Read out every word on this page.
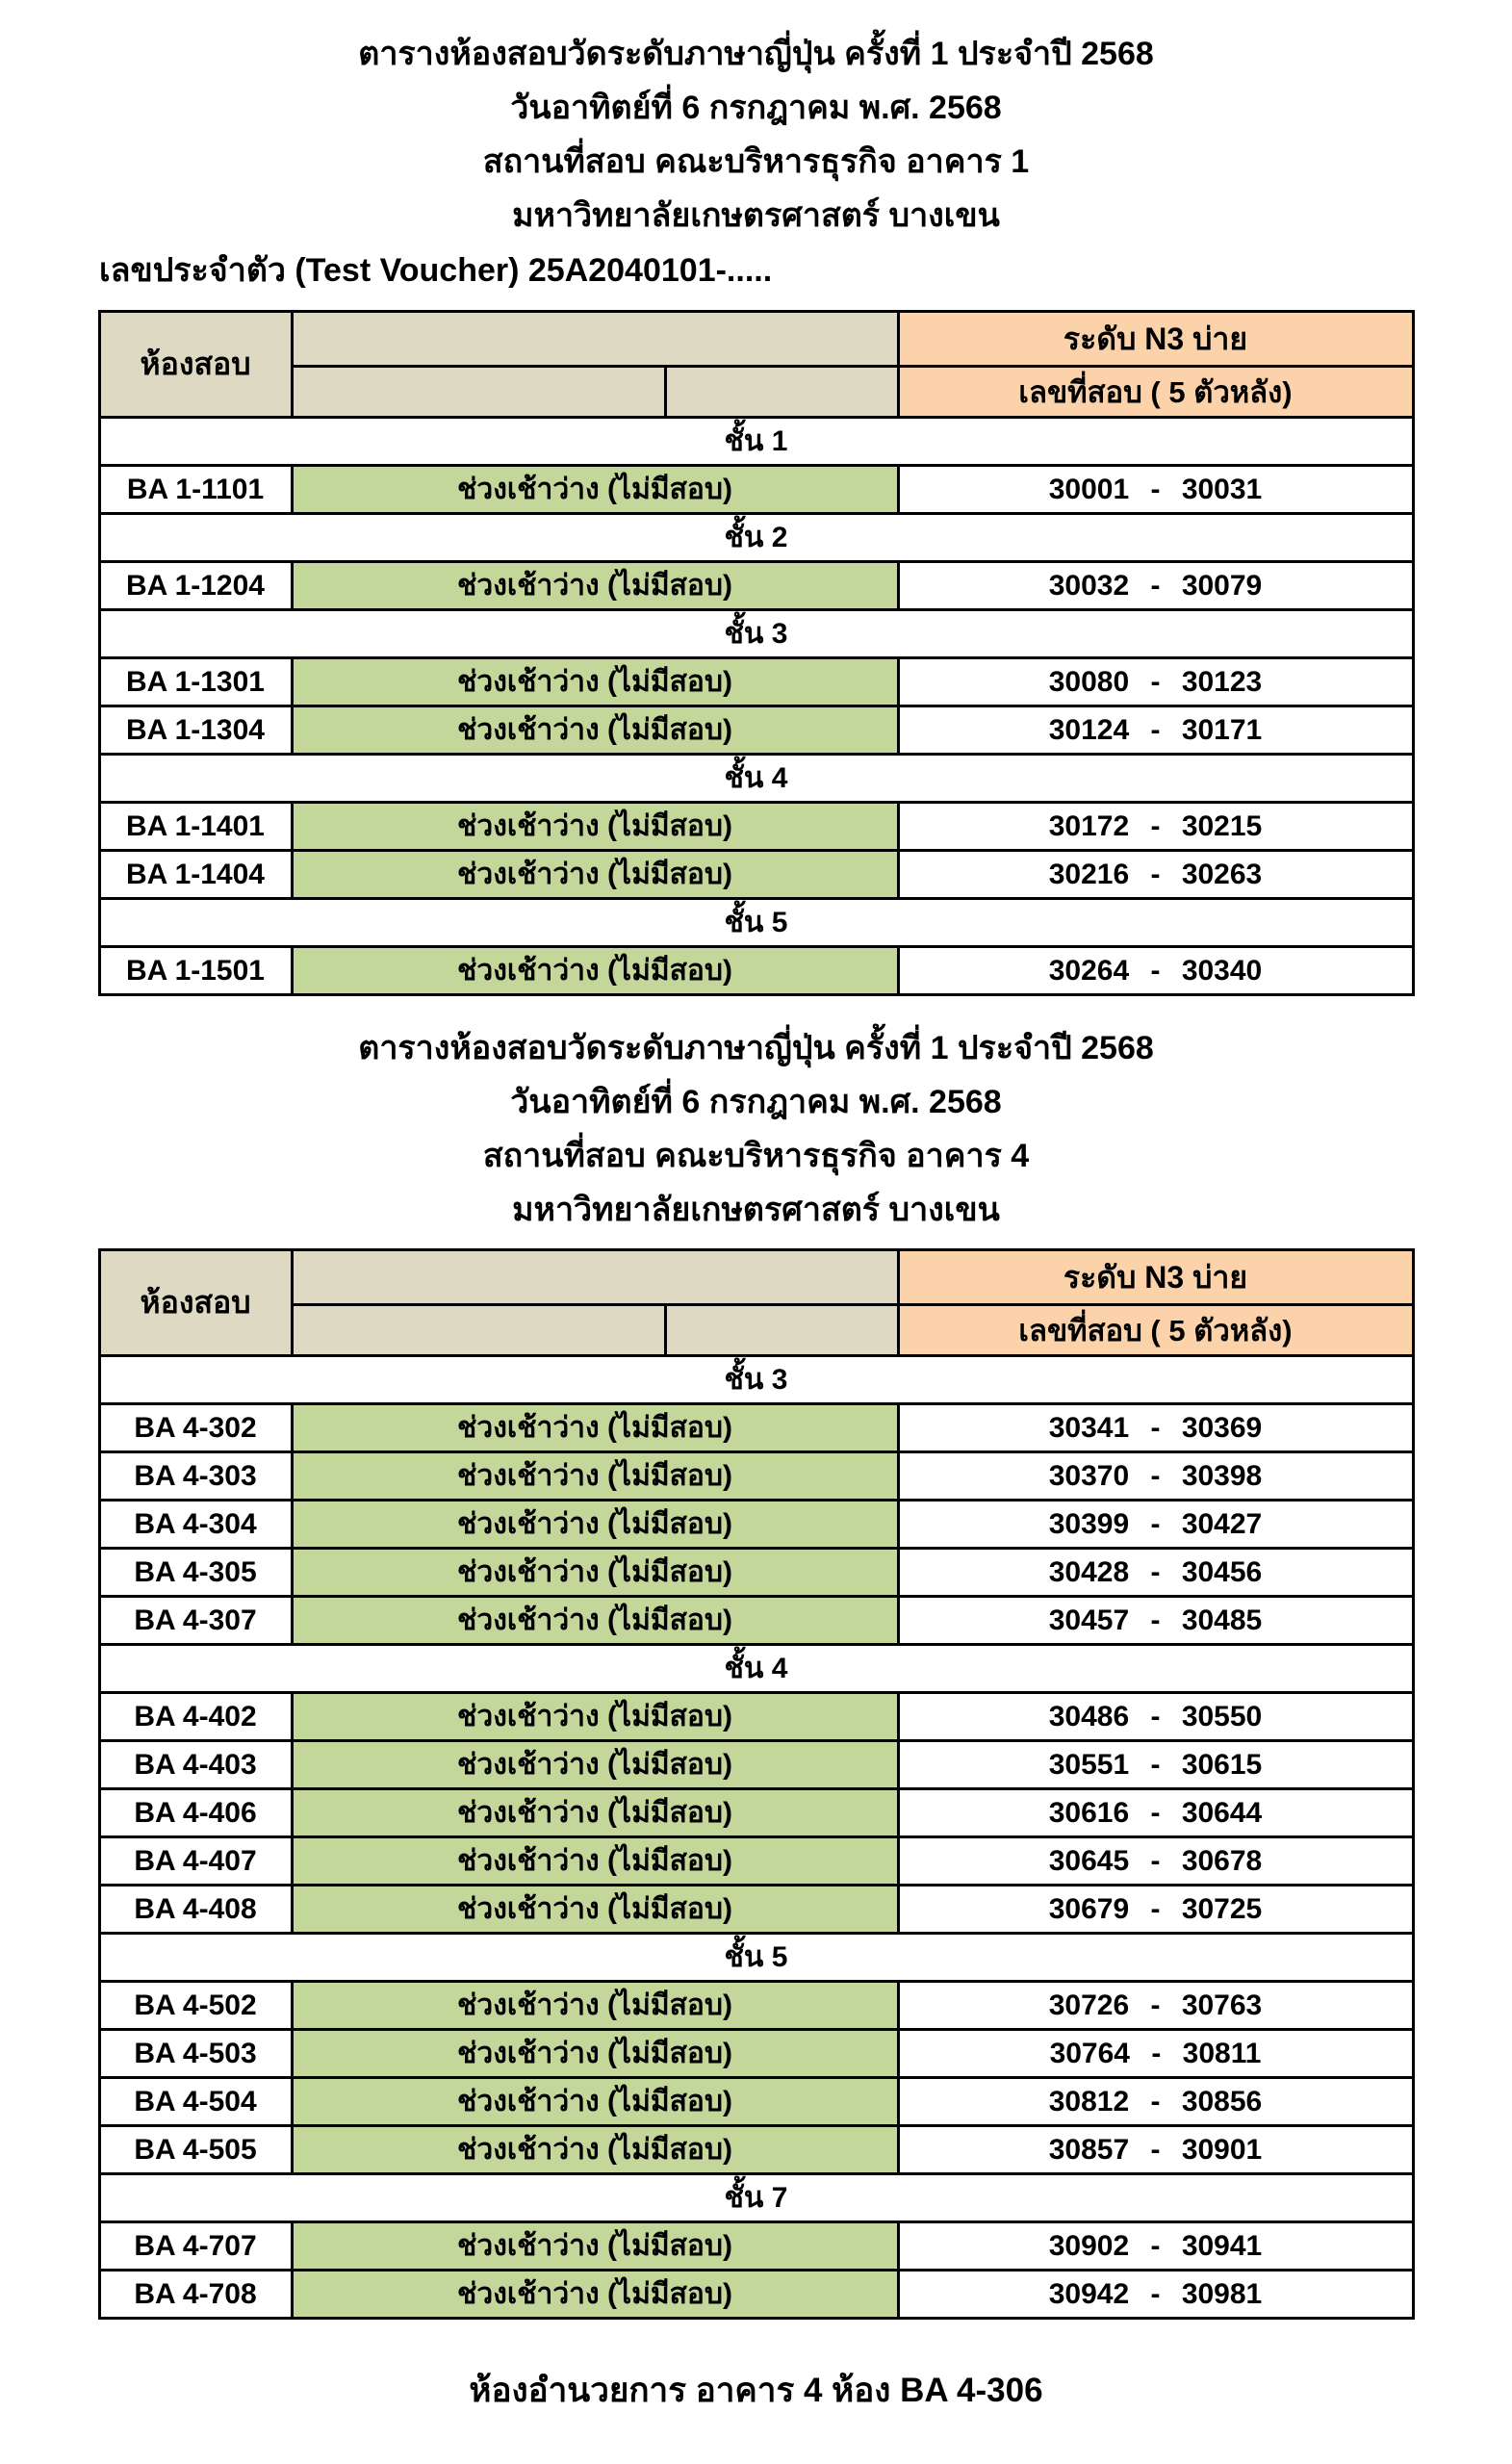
ตารางห้องสอบวัดระดับภาษาญี่ปุ่น ครั้งที่ 1 ประจำปี 2568
วันอาทิตย์ที่ 6 กรกฎาคม พ.ศ. 2568
สถานที่สอบ คณะบริหารธุรกิจ อาคาร 1
มหาวิทยาลัยเกษตรศาสตร์ บางเขน
เลขประจำตัว (Test Voucher) 25A2040101-.....
ห้องสอบ			ระดับ N3 บ่าย
			เลขที่สอบ ( 5 ตัวหลัง)
ชั้น 1			
BA 1-1101	ช่วงเช้าว่าง (ไม่มีสอบ)		30001 - 30031
ชั้น 2			
BA 1-1204	ช่วงเช้าว่าง (ไม่มีสอบ)		30032 - 30079
ชั้น 3			
BA 1-1301	ช่วงเช้าว่าง (ไม่มีสอบ)		30080 - 30123
BA 1-1304	ช่วงเช้าว่าง (ไม่มีสอบ)		30124 - 30171
ชั้น 4			
BA 1-1401	ช่วงเช้าว่าง (ไม่มีสอบ)		30172 - 30215
BA 1-1404	ช่วงเช้าว่าง (ไม่มีสอบ)		30216 - 30263
ชั้น 5			
BA 1-1501	ช่วงเช้าว่าง (ไม่มีสอบ)		30264 - 30340
ตารางห้องสอบวัดระดับภาษาญี่ปุ่น ครั้งที่ 1 ประจำปี 2568
วันอาทิตย์ที่ 6 กรกฎาคม พ.ศ. 2568
สถานที่สอบ คณะบริหารธุรกิจ อาคาร 4
มหาวิทยาลัยเกษตรศาสตร์ บางเขน
ห้องสอบ			ระดับ N3 บ่าย
			เลขที่สอบ ( 5 ตัวหลัง)
ชั้น 3			
BA 4-302	ช่วงเช้าว่าง (ไม่มีสอบ)		30341 - 30369
BA 4-303	ช่วงเช้าว่าง (ไม่มีสอบ)		30370 - 30398
BA 4-304	ช่วงเช้าว่าง (ไม่มีสอบ)		30399 - 30427
BA 4-305	ช่วงเช้าว่าง (ไม่มีสอบ)		30428 - 30456
BA 4-307	ช่วงเช้าว่าง (ไม่มีสอบ)		30457 - 30485
ชั้น 4			
BA 4-402	ช่วงเช้าว่าง (ไม่มีสอบ)		30486 - 30550
BA 4-403	ช่วงเช้าว่าง (ไม่มีสอบ)		30551 - 30615
BA 4-406	ช่วงเช้าว่าง (ไม่มีสอบ)		30616 - 30644
BA 4-407	ช่วงเช้าว่าง (ไม่มีสอบ)		30645 - 30678
BA 4-408	ช่วงเช้าว่าง (ไม่มีสอบ)		30679 - 30725
ชั้น 5			
BA 4-502	ช่วงเช้าว่าง (ไม่มีสอบ)		30726 - 30763
BA 4-503	ช่วงเช้าว่าง (ไม่มีสอบ)		30764 - 30811
BA 4-504	ช่วงเช้าว่าง (ไม่มีสอบ)		30812 - 30856
BA 4-505	ช่วงเช้าว่าง (ไม่มีสอบ)		30857 - 30901
ชั้น 7			
BA 4-707	ช่วงเช้าว่าง (ไม่มีสอบ)		30902 - 30941
BA 4-708	ช่วงเช้าว่าง (ไม่มีสอบ)		30942 - 30981
ห้องอำนวยการ อาคาร 4 ห้อง BA 4-306
